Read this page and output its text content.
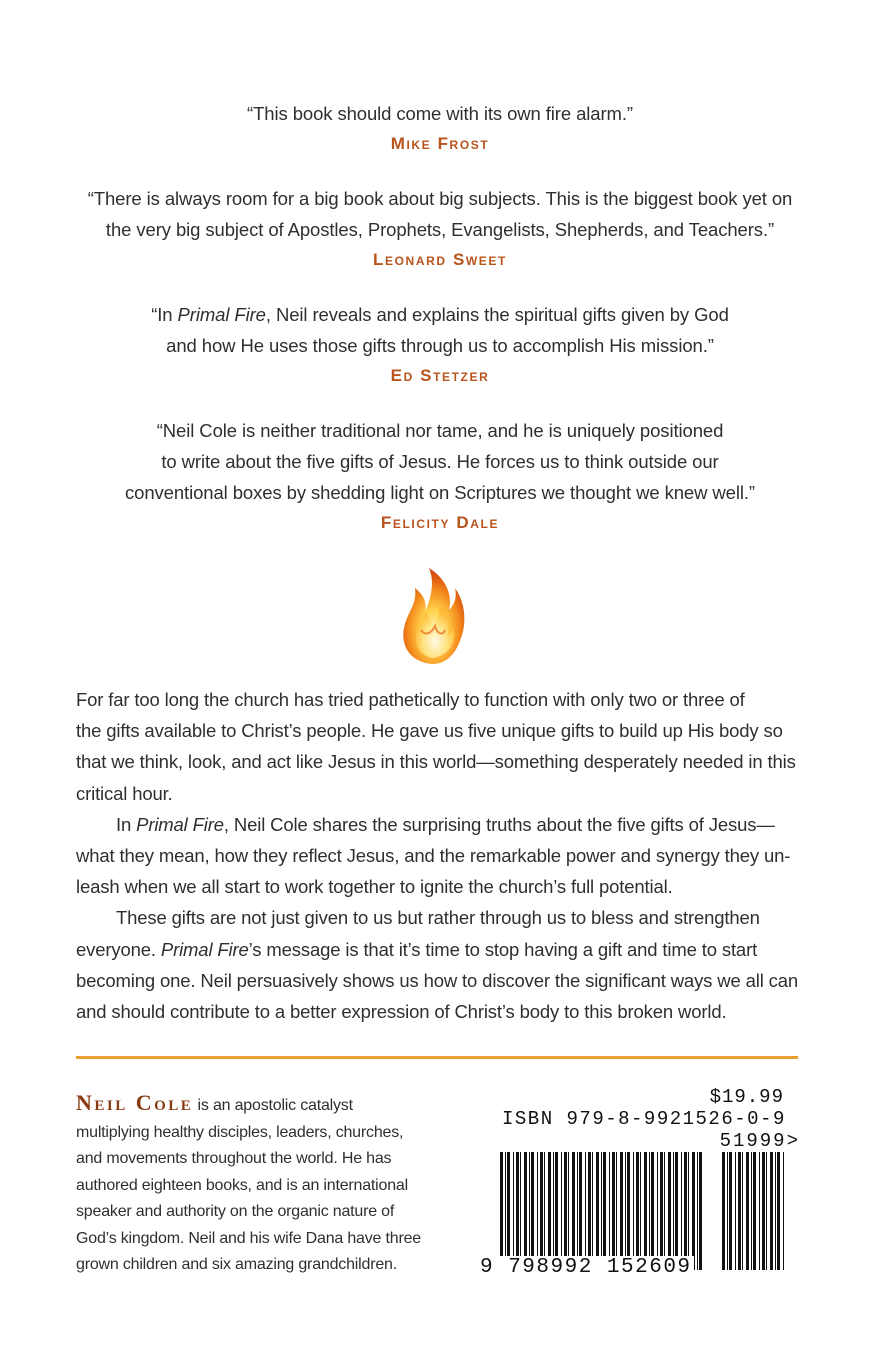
“This book should come with its own fire alarm.”
Mike Frost
“There is always room for a big book about big subjects. This is the biggest book yet on
the very big subject of Apostles, Prophets, Evangelists, Shepherds, and Teachers.”
Leonard Sweet
“In Primal Fire, Neil reveals and explains the spiritual gifts given by God
and how He uses those gifts through us to accomplish His mission.”
Ed Stetzer
“Neil Cole is neither traditional nor tame, and he is uniquely positioned
to write about the five gifts of Jesus. He forces us to think outside our
conventional boxes by shedding light on Scriptures we thought we knew well.”
Felicity Dale
For far too long the church has tried pathetically to function with only two or three of
the gifts available to Christ’s people. He gave us five unique gifts to build up His body so
that we think, look, and act like Jesus in this world—something desperately needed in this
critical hour.
In Primal Fire, Neil Cole shares the surprising truths about the five gifts of Jesus—
what they mean, how they reflect Jesus, and the remarkable power and synergy they un-
leash when we all start to work together to ignite the church’s full potential.
These gifts are not just given to us but rather through us to bless and strengthen
everyone. Primal Fire’s message is that it’s time to stop having a gift and time to start
becoming one. Neil persuasively shows us how to discover the significant ways we all can
and should contribute to a better expression of Christ’s body to this broken world.
Neil Cole is an apostolic catalyst
multiplying healthy disciples, leaders, churches,
and movements throughout the world. He has
authored eighteen books, and is an international
speaker and authority on the organic nature of
God’s kingdom. Neil and his wife Dana have three
grown children and six amazing grandchildren.
$19.99
ISBN 979-8-9921526-0-9
51999>
9 798992 152609
